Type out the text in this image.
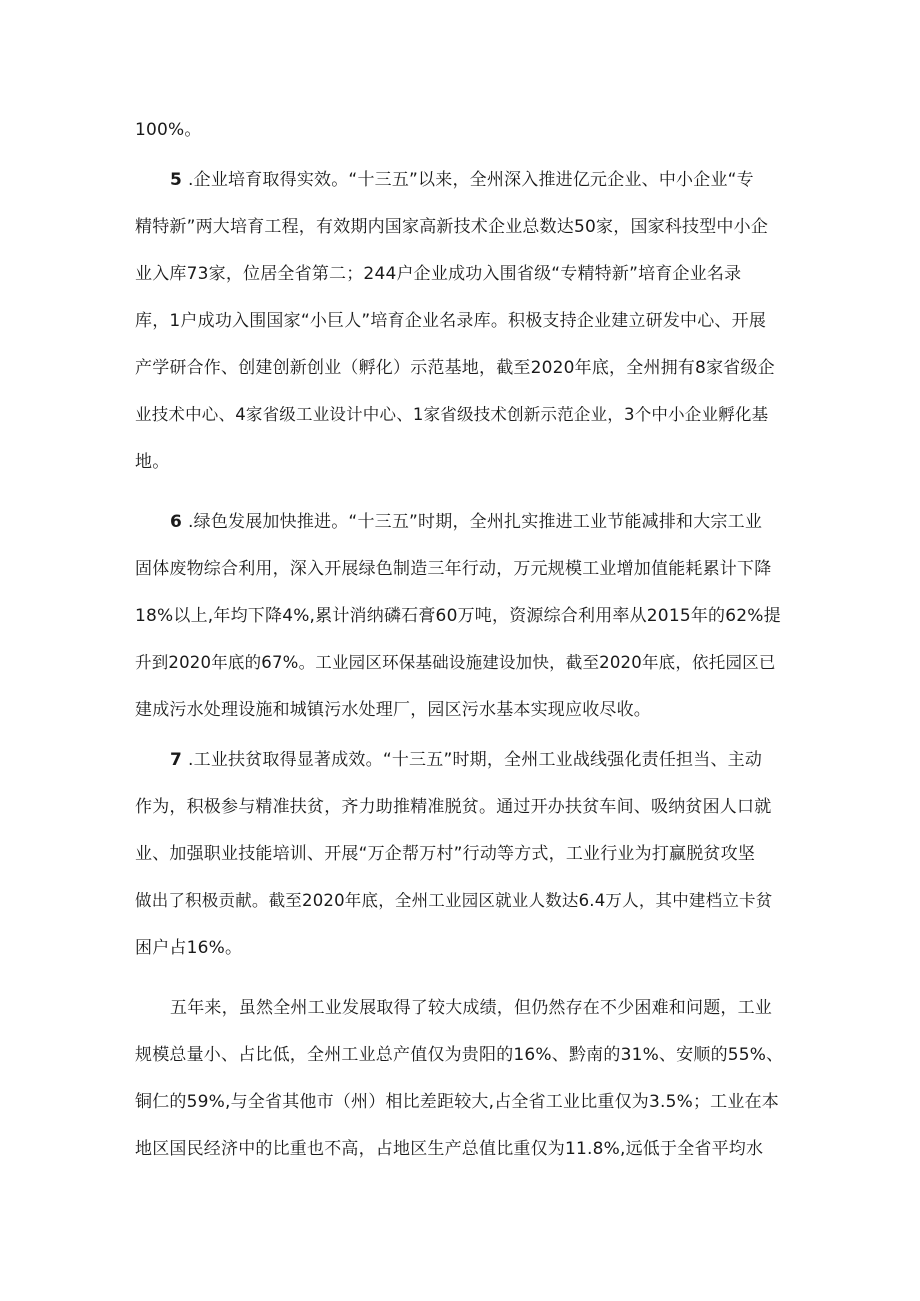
100%。
5 .企业培育取得实效。“十三五”以来，全州深入推进亿元企业、中小企业“专
精特新”两大培育工程，有效期内国家高新技术企业总数达50家，国家科技型中小企
业入库73家，位居全省第二；244户企业成功入围省级“专精特新”培育企业名录
库，1户成功入围国家“小巨人”培育企业名录库。积极支持企业建立研发中心、开展
产学研合作、创建创新创业（孵化）示范基地，截至2020年底，全州拥有8家省级企
业技术中心、4家省级工业设计中心、1家省级技术创新示范企业，3个中小企业孵化基
地。
6 .绿色发展加快推进。“十三五”时期，全州扎实推进工业节能减排和大宗工业
固体废物综合利用，深入开展绿色制造三年行动，万元规模工业增加值能耗累计下降
18%以上,年均下降4%,累计消纳磷石膏60万吨，资源综合利用率从2015年的62%提
升到2020年底的67%。工业园区环保基础设施建设加快，截至2020年底，依托园区已
建成污水处理设施和城镇污水处理厂，园区污水基本实现应收尽收。
7 .工业扶贫取得显著成效。“十三五”时期，全州工业战线强化责任担当、主动
作为，积极参与精准扶贫，齐力助推精准脱贫。通过开办扶贫车间、吸纳贫困人口就
业、加强职业技能培训、开展“万企帮万村”行动等方式，工业行业为打赢脱贫攻坚
做出了积极贡献。截至2020年底，全州工业园区就业人数达6.4万人，其中建档立卡贫
困户占16%。
五年来，虽然全州工业发展取得了较大成绩，但仍然存在不少困难和问题，工业
规模总量小、占比低，全州工业总产值仅为贵阳的16%、黔南的31%、安顺的55%、
铜仁的59%,与全省其他市（州）相比差距较大,占全省工业比重仅为3.5%；工业在本
地区国民经济中的比重也不高，占地区生产总值比重仅为11.8%,远低于全省平均水
